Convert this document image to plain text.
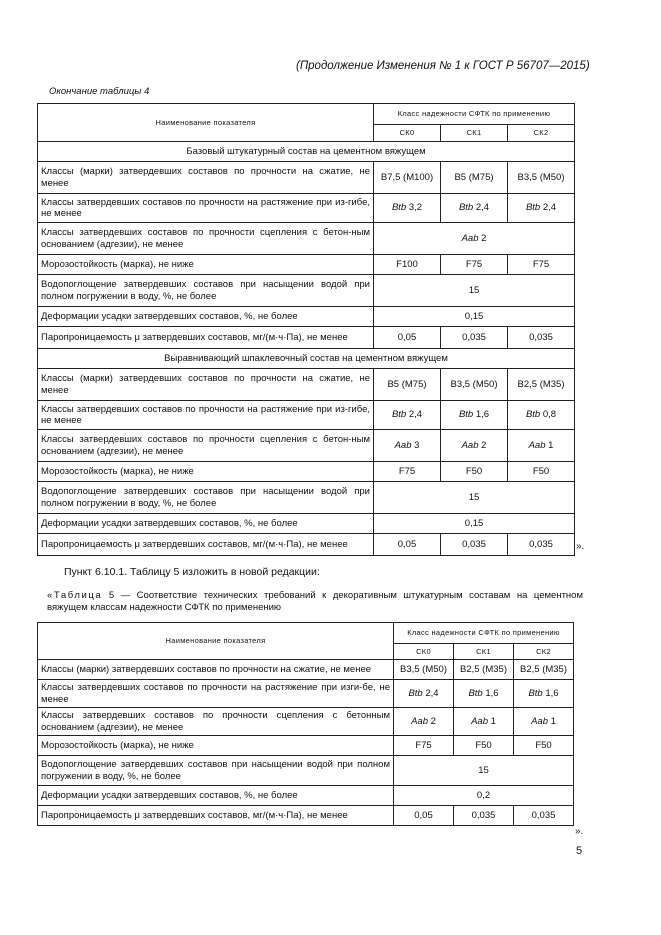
(Продолжение Изменения № 1 к ГОСТ Р 56707—2015)
Окончание таблицы 4
Наименование показателя	Класс надежности СФТК по применению		
	СК0	СК1	СК2
Базовый штукатурный состав на цементном вяжущем			
Классы (марки) затвердевших составов по прочности на сжатие, не менее	В7,5 (М100)	В5 (М75)	В3,5 (М50)
Классы затвердевших составов по прочности на растяжение при из-гибе, не менее	Вtb 3,2	Вtb 2,4	Вtb 2,4
Классы затвердевших составов по прочности сцепления с бетон-ным основанием (адгезии), не менее	Аab 2		
Морозостойкость (марка), не ниже	F100	F75	F75
Водопоглощение затвердевших составов при насыщении водой при полном погружении в воду, %, не более	15		
Деформации усадки затвердевших составов, %, не более	0,15		
Паропроницаемость μ затвердевших составов, мг/(м·ч·Па), не менее	0,05	0,035	0,035
Выравнивающий шпаклевочный состав на цементном вяжущем			
Классы (марки) затвердевших составов по прочности на сжатие, не менее	В5 (М75)	В3,5 (М50)	В2,5 (М35)
Классы затвердевших составов по прочности на растяжение при из-гибе, не менее	Вtb 2,4	Вtb 1,6	Вtb 0,8
Классы затвердевших составов по прочности сцепления с бетон-ным основанием (адгезии), не менее	Аab 3	Аab 2	Аab 1
Морозостойкость (марка), не ниже	F75	F50	F50
Водопоглощение затвердевших составов при насыщении водой при полном погружении в воду, %, не более	15		
Деформации усадки затвердевших составов, %, не более	0,15		
Паропроницаемость μ затвердевших составов, мг/(м·ч·Па), не менее	0,05	0,035	0,035 ».
Пункт 6.10.1. Таблицу 5 изложить в новой редакции:
«Таблица 5 — Соответствие технических требований к декоративным штукатурным составам на цементном вяжущем классам надежности СФТК по применению
Наименование показателя	Класс надежности СФТК по применению		
	СК0	СК1	СК2
Классы (марки) затвердевших составов по прочности на сжатие, не менее	В3,5 (М50)	В2,5 (М35)	В2,5 (М35)
Классы затвердевших составов по прочности на растяжение при изги-бе, не менее	Вtb 2,4	Вtb 1,6	Вtb 1,6
Классы затвердевших составов по прочности сцепления с бетонным основанием (адгезии), не менее	Аab 2	Аab 1	Аab 1
Морозостойкость (марка), не ниже	F75	F50	F50
Водопоглощение затвердевших составов при насыщении водой при полном погружении в воду, %, не более	15		
Деформации усадки затвердевших составов, %, не более	0,2		
Паропроницаемость μ затвердевших составов, мг/(м·ч·Па), не менее	0,05	0,035	0,035
».
5
